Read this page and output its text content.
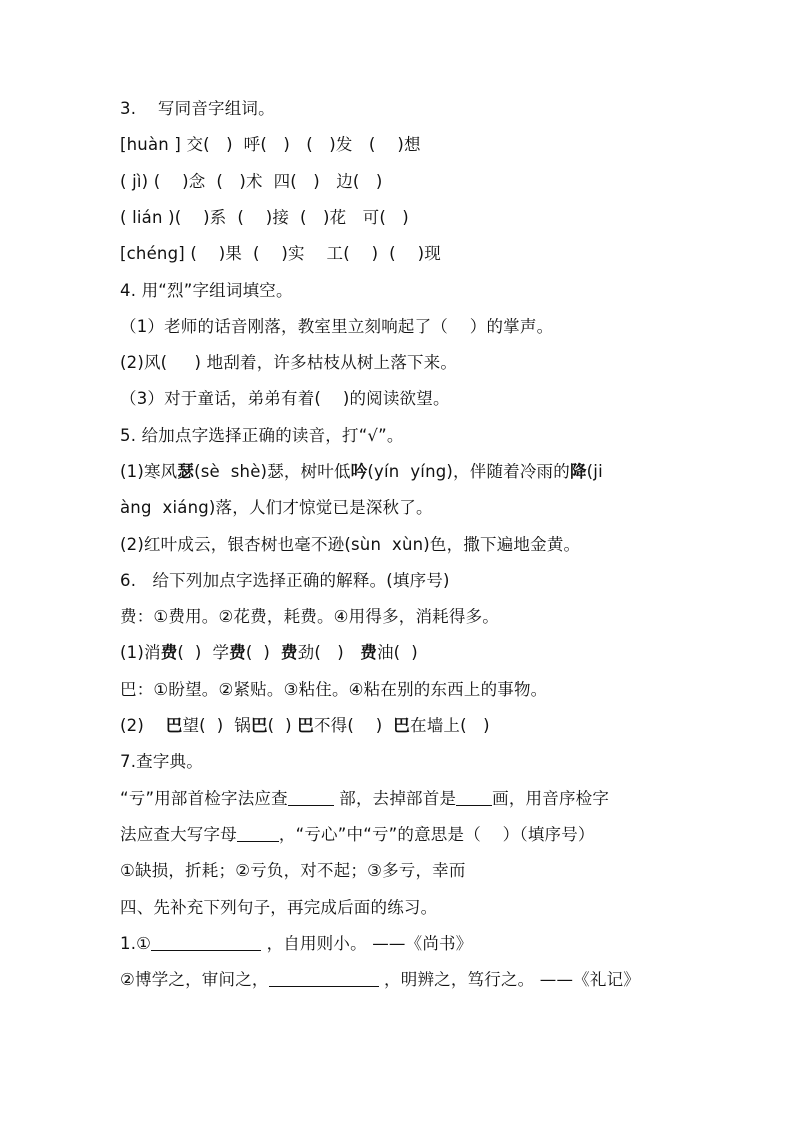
3.    写同音字组词。
[huàn ] 交(   )  呼(   )   (   )发   (    )想
( jì) (    )念  (   )术  四(   )   边(   )
( lián )(    )系  (    )接  (   )花   可(   )
[chéng] (    )果  (    )实    工(    )  (    )现
4. 用“烈”字组词填空。
（1）老师的话音刚落，教室里立刻响起了（    ）的掌声。
(2)风(     ) 地刮着，许多枯枝从树上落下来。
（3）对于童话，弟弟有着(    )的阅读欲望。
5. 给加点字选择正确的读音，打“√”。
(1)寒风瑟(sè  shè)瑟，树叶低吟(yín  yíng)，伴随着冷雨的降(ji
àng  xiáng)落，人们才惊觉已是深秋了。
(2)红叶成云，银杏树也毫不逊(sùn  xùn)色，撒下遍地金黄。
6.   给下列加点字选择正确的解释。(填序号)
费：①费用。②花费，耗费。④用得多，消耗得多。
(1)消费(  )  学费(  )  费劲(   )   费油(  )
巴：①盼望。②紧贴。③粘住。④粘在别的东西上的事物。
(2)    巴望(  )  锅巴(  ) 巴不得(    )  巴在墙上(   )
7.查字典。
“亏”用部首检字法应查	部，去掉部首是 画，用音序检字
法应查大写字母	，“亏心”中“亏”的意思是（    ）（填序号）
①缺损，折耗；②亏负，对不起；③多亏，幸而
四、先补充下列句子，再完成后面的练习。
1.①	，自用则小。 ——《尚书》
②博学之，审问之，	，明辨之，笃行之。 ——《礼记》
